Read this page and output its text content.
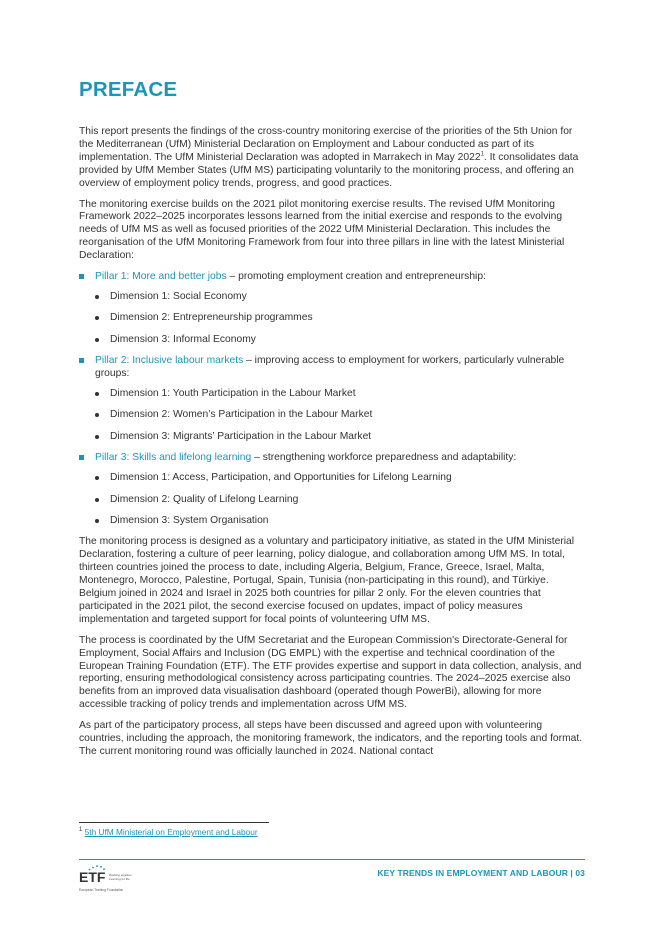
PREFACE

This report presents the findings of the cross-country monitoring exercise of the priorities of the 5th Union for the Mediterranean (UfM) Ministerial Declaration on Employment and Labour conducted as part of its implementation. The UfM Ministerial Declaration was adopted in Marrakech in May 2022$^1$. It consolidates data provided by UfM Member States (UfM MS) participating voluntarily to the monitoring process, and offering an overview of employment policy trends, progress, and good practices.

The monitoring exercise builds on the 2021 pilot monitoring exercise results. The revised UfM Monitoring Framework 2022–2025 incorporates lessons learned from the initial exercise and responds to the evolving needs of UfM MS as well as focused priorities of the 2022 UfM Ministerial Declaration. This includes the reorganisation of the UfM Monitoring Framework from four into three pillars in line with the latest Ministerial Declaration:

Pillar 1: More and better jobs – promoting employment creation and entrepreneurship:
Dimension 1: Social Economy
Dimension 2: Entrepreneurship programmes
Dimension 3: Informal Economy
Pillar 2: Inclusive labour markets – improving access to employment for workers, particularly vulnerable groups:
Dimension 1: Youth Participation in the Labour Market
Dimension 2: Women’s Participation in the Labour Market
Dimension 3: Migrants’ Participation in the Labour Market
Pillar 3: Skills and lifelong learning – strengthening workforce preparedness and adaptability:
Dimension 1: Access, Participation, and Opportunities for Lifelong Learning
Dimension 2: Quality of Lifelong Learning
Dimension 3: System Organisation

The monitoring process is designed as a voluntary and participatory initiative, as stated in the UfM Ministerial Declaration, fostering a culture of peer learning, policy dialogue, and collaboration among UfM MS. In total, thirteen countries joined the process to date, including Algeria, Belgium, France, Greece, Israel, Malta, Montenegro, Morocco, Palestine, Portugal, Spain, Tunisia (non-participating in this round), and Türkiye. Belgium joined in 2024 and Israel in 2025 both countries for pillar 2 only. For the eleven countries that participated in the 2021 pilot, the second exercise focused on updates, impact of policy measures implementation and targeted support for focal points of volunteering UfM MS.

The process is coordinated by the UfM Secretariat and the European Commission's Directorate-General for Employment, Social Affairs and Inclusion (DG EMPL) with the expertise and technical coordination of the European Training Foundation (ETF). The ETF provides expertise and support in data collection, analysis, and reporting, ensuring methodological consistency across participating countries. The 2024–2025 exercise also benefits from an improved data visualisation dashboard (operated though PowerBi), allowing for more accessible tracking of policy trends and implementation across UfM MS.

As part of the participatory process, all steps have been discussed and agreed upon with volunteering countries, including the approach, the monitoring framework, the indicators, and the reporting tools and format. The current monitoring round was officially launched in 2024. National contact

$^1$ 5th UfM Ministerial on Employment and Labour
ETF Working together
Learning for life
European Training Foundation
KEY TRENDS IN EMPLOYMENT AND LABOUR | 03
